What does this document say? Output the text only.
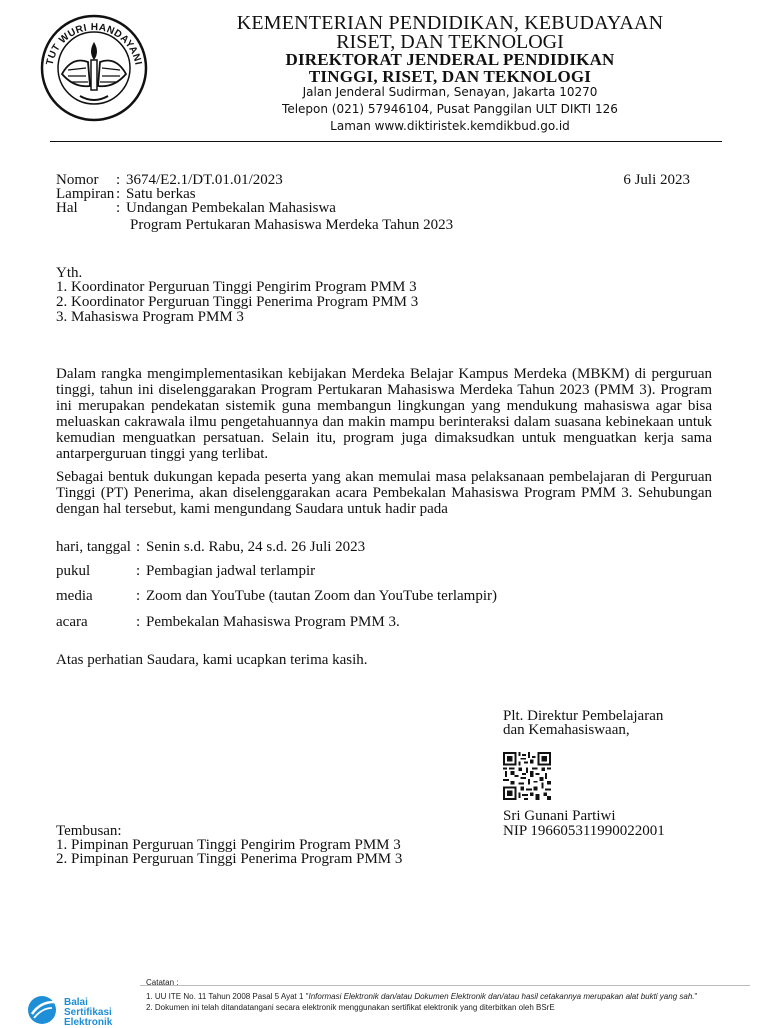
TUT WURI HANDAYANI
KEMENTERIAN PENDIDIKAN, KEBUDAYAAN
RISET, DAN TEKNOLOGI
DIREKTORAT JENDERAL PENDIDIKAN
TINGGI, RISET, DAN TEKNOLOGI
Jalan Jenderal Sudirman, Senayan, Jakarta 10270
Telepon (021) 57946104, Pusat Panggilan ULT DIKTI 126
Laman www.diktiristek.kemdikbud.go.id
Nomor : 3674/E2.1/DT.01.01/2023	6 Juli 2023
Lampiran : Satu berkas
Hal	: Undangan Pembekalan Mahasiswa
Program Pertukaran Mahasiswa Merdeka Tahun 2023
Yth.
1. Koordinator Perguruan Tinggi Pengirim Program PMM 3
2. Koordinator Perguruan Tinggi Penerima Program PMM 3
3. Mahasiswa Program PMM 3
Dalam rangka mengimplementasikan kebijakan Merdeka Belajar Kampus Merdeka (MBKM) di perguruan tinggi, tahun ini diselenggarakan Program Pertukaran Mahasiswa Merdeka Tahun 2023 (PMM 3). Program ini merupakan pendekatan sistemik guna membangun lingkungan yang mendukung mahasiswa agar bisa meluaskan cakrawala ilmu pengetahuannya dan makin mampu berinteraksi dalam suasana kebinekaan untuk kemudian menguatkan persatuan. Selain itu, program juga dimaksudkan untuk menguatkan kerja sama antarperguruan tinggi yang terlibat.
Sebagai bentuk dukungan kepada peserta yang akan memulai masa pelaksanaan pembelajaran di Perguruan Tinggi (PT) Penerima, akan diselenggarakan acara Pembekalan Mahasiswa Program PMM 3. Sehubungan dengan hal tersebut, kami mengundang Saudara untuk hadir pada
hari, tanggal : Senin s.d. Rabu, 24 s.d. 26 Juli 2023
pukul	: Pembagian jadwal terlampir
media	: Zoom dan YouTube (tautan Zoom dan YouTube terlampir)
acara	: Pembekalan Mahasiswa Program PMM 3.
Atas perhatian Saudara, kami ucapkan terima kasih.
Plt. Direktur Pembelajaran
dan Kemahasiswaan,
Sri Gunani Partiwi
NIP 196605311990022001
Tembusan:
1. Pimpinan Perguruan Tinggi Pengirim Program PMM 3
2. Pimpinan Perguruan Tinggi Penerima Program PMM 3
Balai
Sertifikasi
Elektronik
Catatan :
1. UU ITE No. 11 Tahun 2008 Pasal 5 Ayat 1 "Informasi Elektronik dan/atau Dokumen Elektronik dan/atau hasil cetakannya merupakan alat bukti yang sah."
2. Dokumen ini telah ditandatangani secara elektronik menggunakan sertifikat elektronik yang diterbitkan oleh BSrE
